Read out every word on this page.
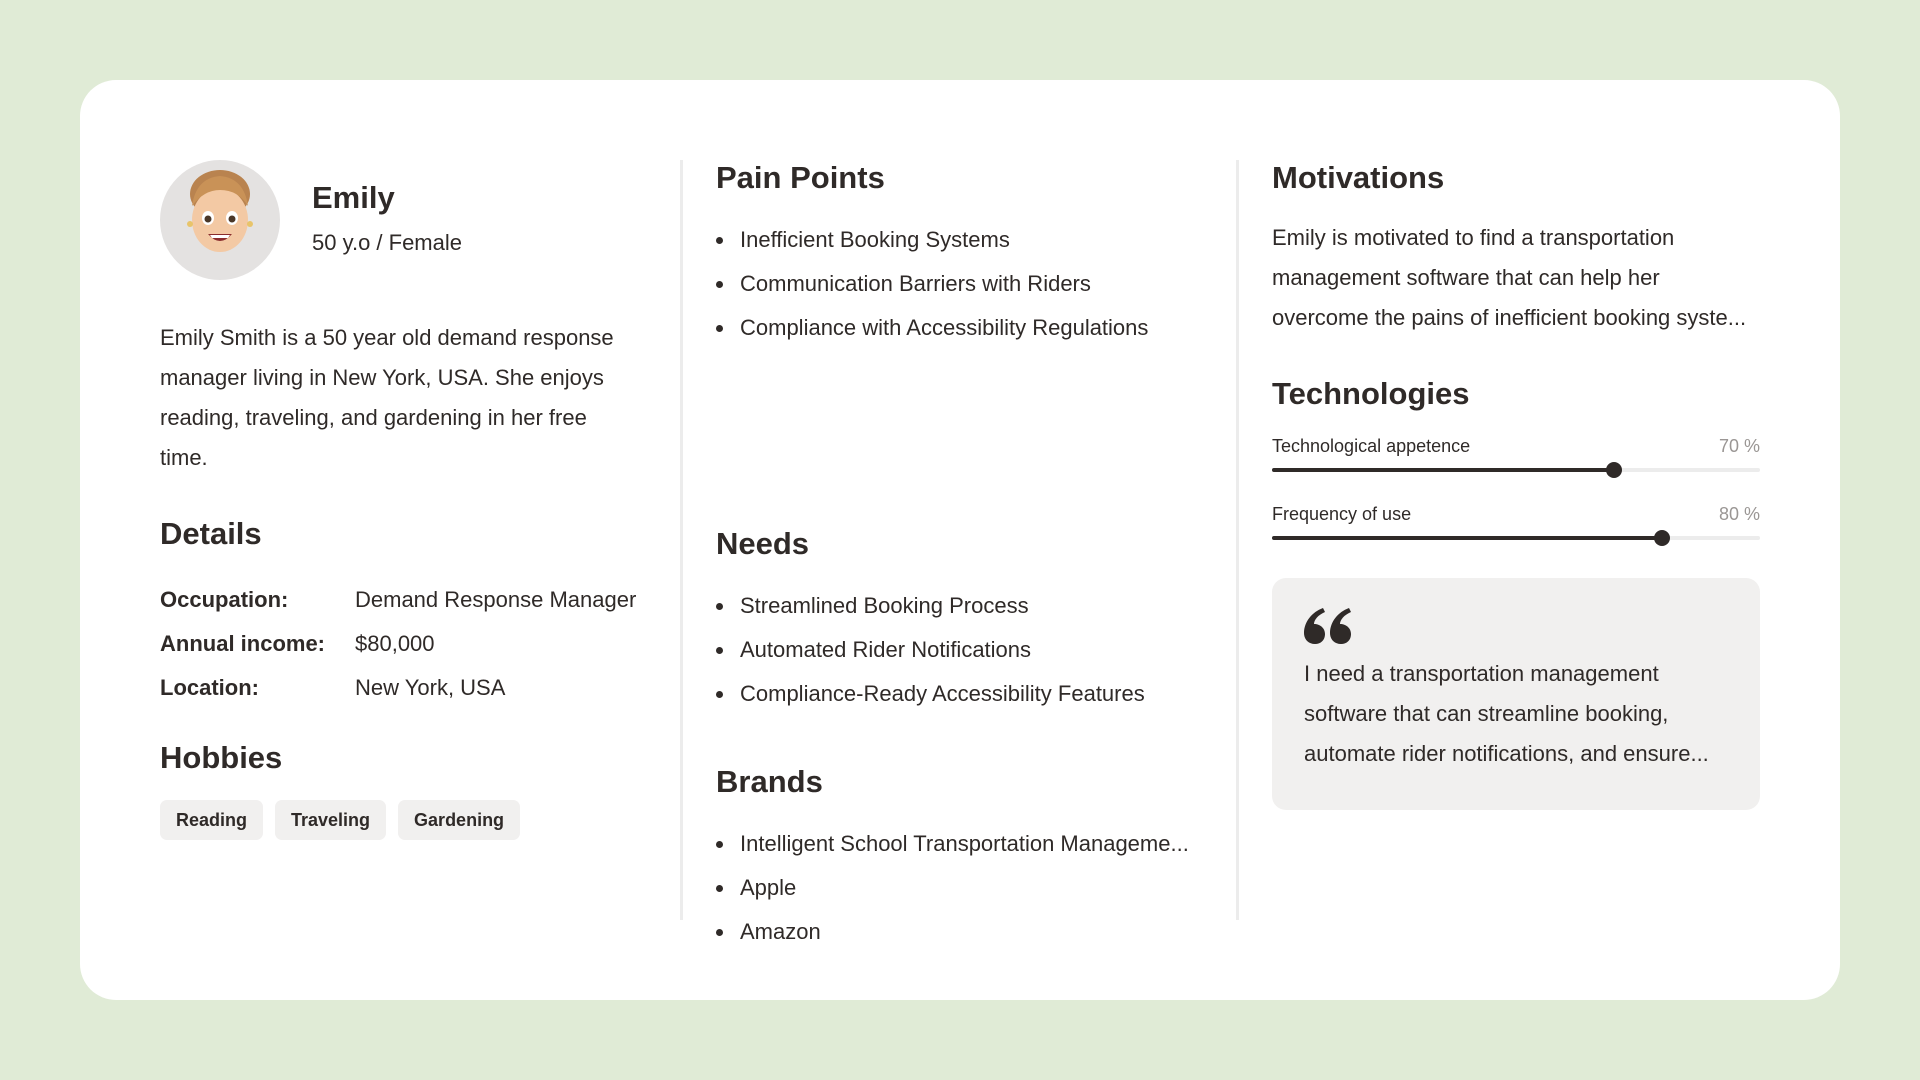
Emily
50 y.o / Female

Emily Smith is a 50 year old demand response manager living in New York, USA. She enjoys reading, traveling, and gardening in her free time.

Details
Occupation:	Demand Response Manager
Annual income:	$80,000
Location:	New York, USA
Hobbies
Reading	Traveling	Gardening
Pain Points
Inefficient Booking Systems
Communication Barriers with Riders
Compliance with Accessibility Regulations
Needs
Streamlined Booking Process
Automated Rider Notifications
Compliance-Ready Accessibility Features
Brands
Intelligent School Transportation Manageme...
Apple
Amazon
Motivations
Emily is motivated to find a transportation
management software that can help her
overcome the pains of inefficient booking syste...
Technologies
Technological appetence	70 %
Frequency of use	80 %
I need a transportation management
software that can streamline booking,
automate rider notifications, and ensure...
